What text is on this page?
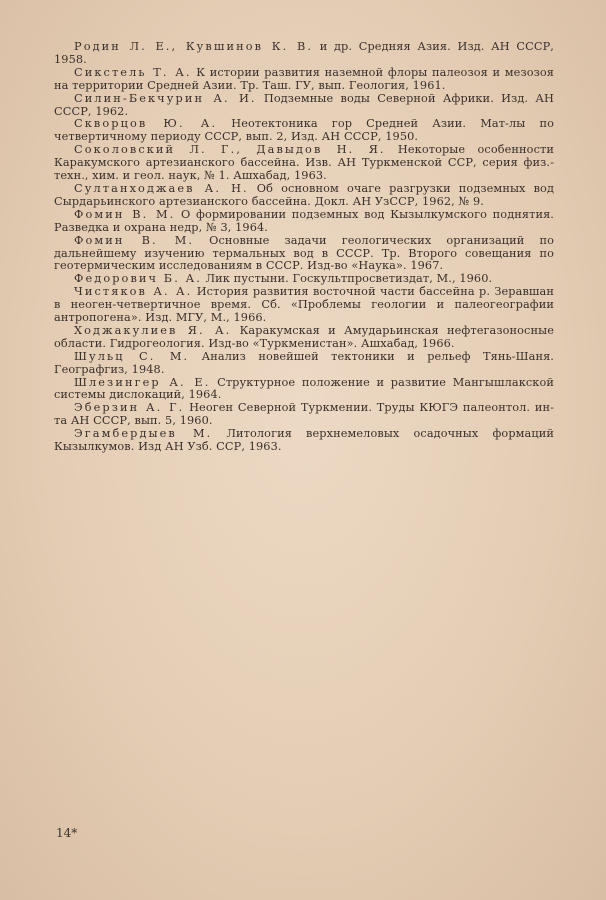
Родин Л. Е., Кувшинов К. В. и др. Средняя Азия. Изд. АН СССР, 1958.

Сикстель Т. А. К истории развития наземной флоры палеозоя и мезозоя на территории Средней Азии. Тр. Таш. ГУ, вып. Геология, 1961.

Силин-Бекчурин А. И. Подземные воды Северной Африки. Изд. АН СССР, 1962.

Скворцов Ю. А. Неотектоника гор Средней Азии. Мат-лы по четвертичному периоду СССР, вып. 2, Изд. АН СССР, 1950.

Соколовский Л. Г., Давыдов Н. Я. Некоторые особенности Каракумского артезианского бассейна. Изв. АН Туркменской ССР, серия физ.-техн., хим. и геол. наук, № 1. Ашхабад, 1963.

Султанходжаев А. Н. Об основном очаге разгрузки подземных вод Сырдарьинского артезианского бассейна. Докл. АН УзССР, 1962, № 9.

Фомин В. М. О формировании подземных вод Кызылкумского поднятия. Разведка и охрана недр, № 3, 1964.

Фомин В. М. Основные задачи геологических организаций по дальнейшему изучению термальных вод в СССР. Тр. Второго совещания по геотермическим исследованиям в СССР. Изд-во «Наука». 1967.

Федорович Б. А. Лик пустыни. Госкультпросветиздат, М., 1960.

Чистяков А. А. История развития восточной части бассейна р. Зеравшан в неоген-четвертичное время. Сб. «Проблемы геологии и палеогеографии антропогена». Изд. МГУ, М., 1966.

Ходжакулиев Я. А. Каракумская и Амударьинская нефтегазоносные области. Гидрогеология. Изд-во «Туркменистан». Ашхабад, 1966.

Шульц С. М. Анализ новейшей тектоники и рельеф Тянь-Шаня. Географгиз, 1948.

Шлезингер А. Е. Структурное положение и развитие Мангышлакской системы дислокаций, 1964.

Эберзин А. Г. Неоген Северной Туркмении. Труды КЮГЭ палеонтол. ин-та АН СССР, вып. 5, 1960.

Эгамбердыев М. Литология верхнемеловых осадочных формаций Кызылкумов. Изд АН Узб. ССР, 1963.

14*
